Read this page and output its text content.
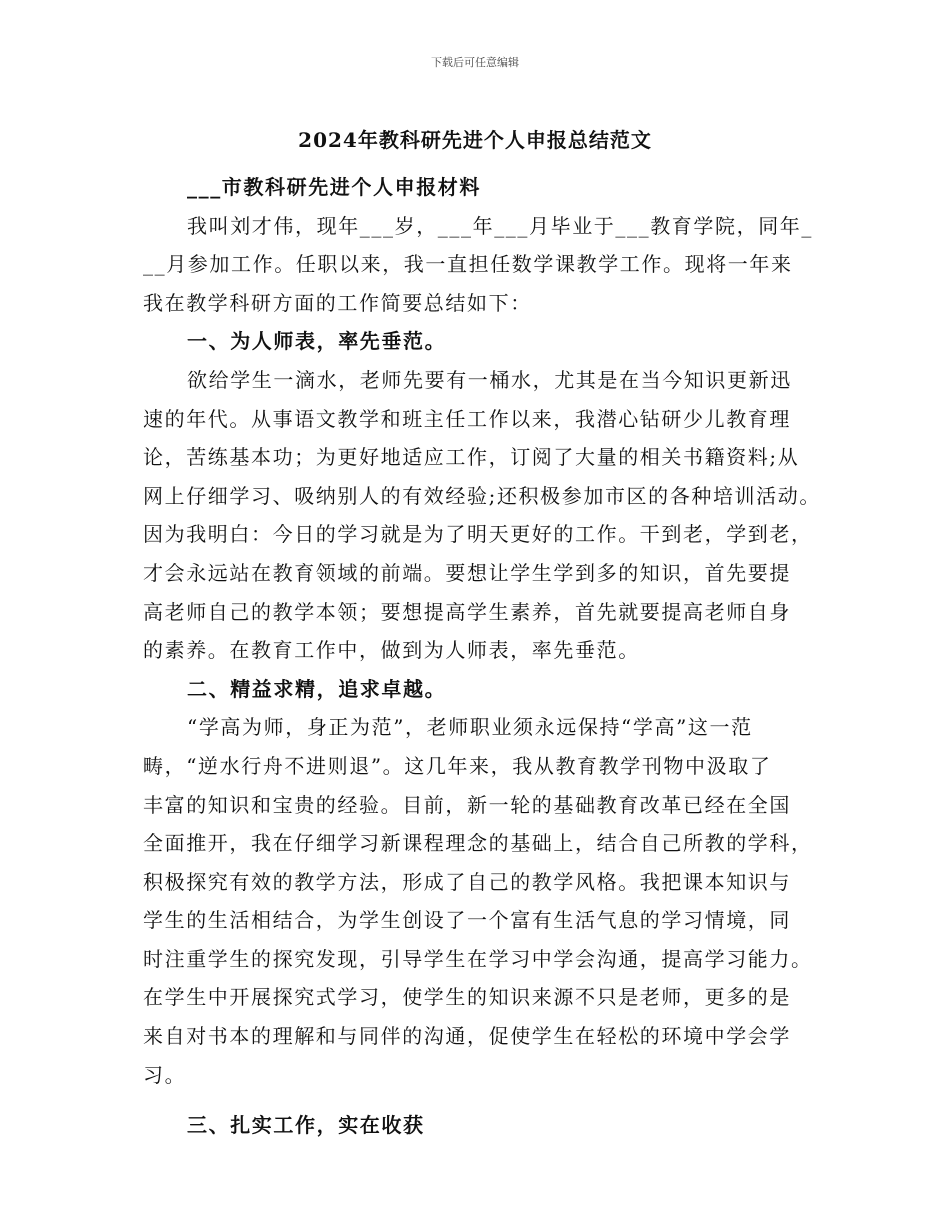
下载后可任意编辑
2024年教科研先进个人申报总结范文
___市教科研先进个人申报材料
我叫刘才伟，现年___岁，___年___月毕业于___教育学院，同年_
__月参加工作。任职以来，我一直担任数学课教学工作。现将一年来
我在教学科研方面的工作简要总结如下：
一、为人师表，率先垂范。
欲给学生一滴水，老师先要有一桶水，尤其是在当今知识更新迅
速的年代。从事语文教学和班主任工作以来，我潜心钻研少儿教育理
论，苦练基本功；为更好地适应工作，订阅了大量的相关书籍资料;从
网上仔细学习、吸纳别人的有效经验;还积极参加市区的各种培训活动。
因为我明白：今日的学习就是为了明天更好的工作。干到老，学到老，
才会永远站在教育领域的前端。要想让学生学到多的知识，首先要提
高老师自己的教学本领；要想提高学生素养，首先就要提高老师自身
的素养。在教育工作中，做到为人师表，率先垂范。
二、精益求精，追求卓越。
“学高为师，身正为范”，老师职业须永远保持“学高”这一范
畴，“逆水行舟不进则退”。这几年来，我从教育教学刊物中汲取了
丰富的知识和宝贵的经验。目前，新一轮的基础教育改革已经在全国
全面推开，我在仔细学习新课程理念的基础上，结合自己所教的学科，
积极探究有效的教学方法，形成了自己的教学风格。我把课本知识与
学生的生活相结合，为学生创设了一个富有生活气息的学习情境，同
时注重学生的探究发现，引导学生在学习中学会沟通，提高学习能力。
在学生中开展探究式学习，使学生的知识来源不只是老师，更多的是
来自对书本的理解和与同伴的沟通，促使学生在轻松的环境中学会学
习。
三、扎实工作，实在收获
